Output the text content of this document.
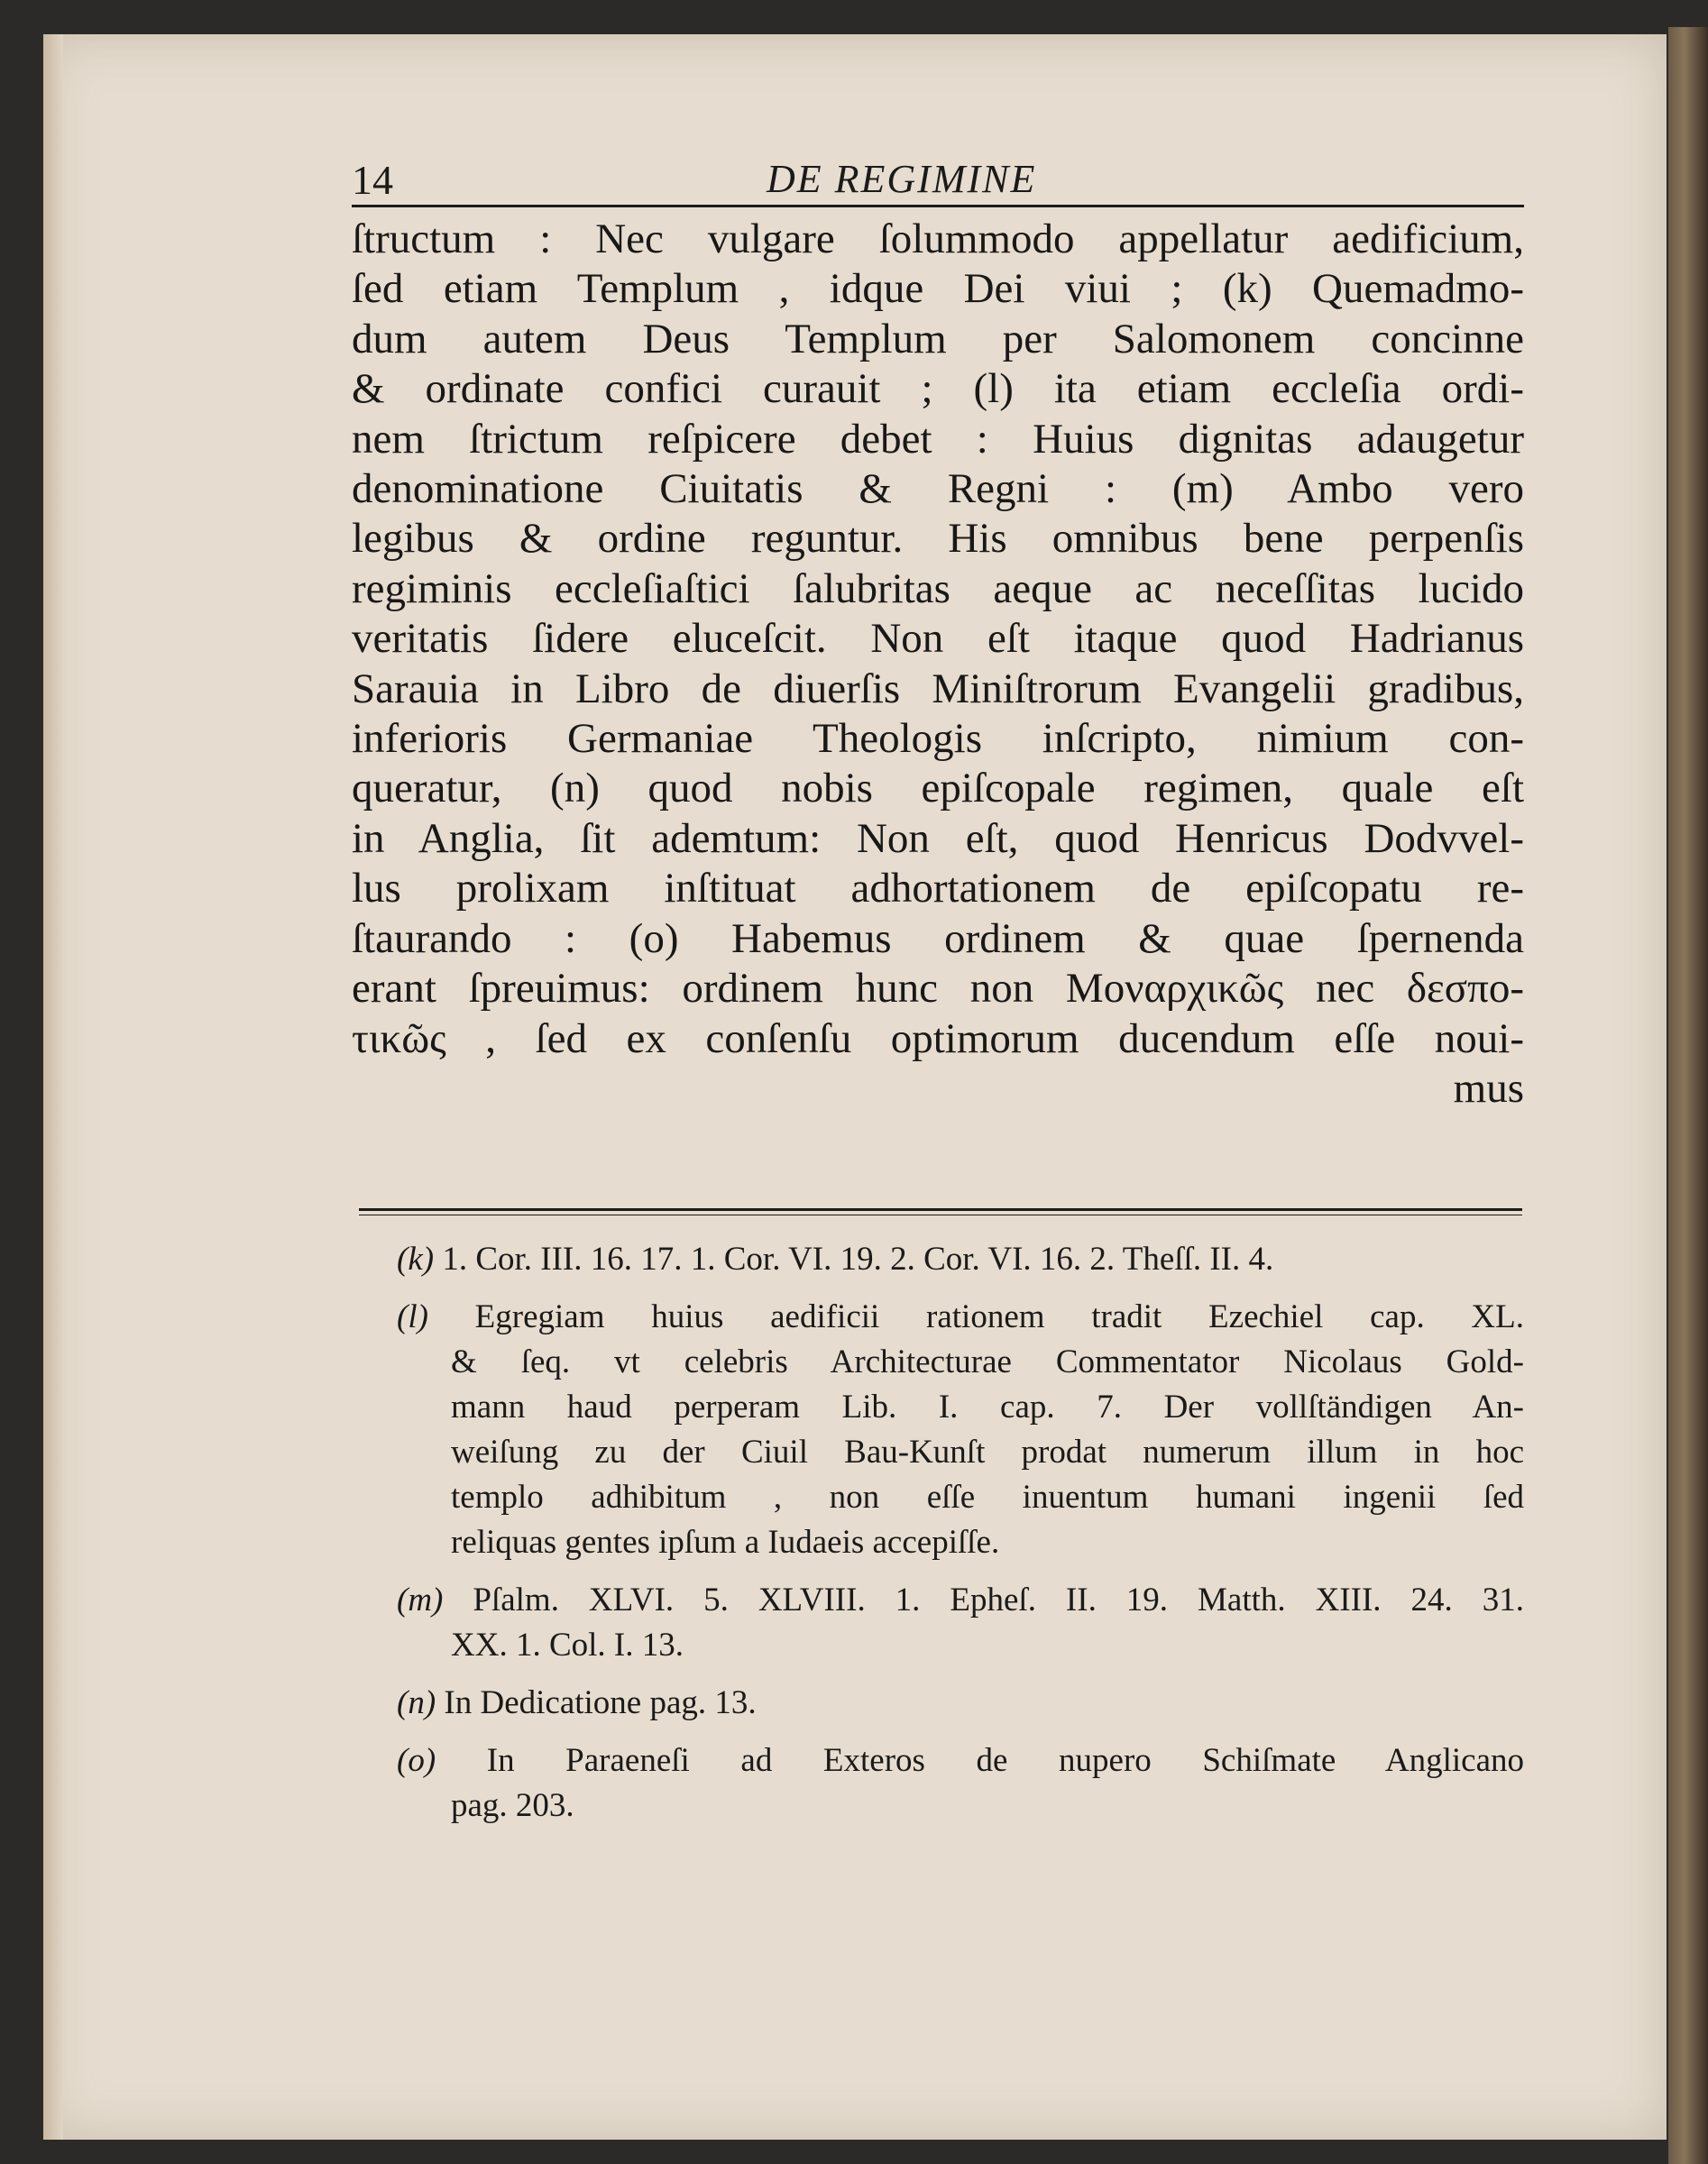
14	DE REGIMINE
ſtructum : Nec vulgare ſolummodo appellatur aedificium,
ſed etiam Templum , idque Dei viui ; (k) Quemadmo-
dum autem Deus Templum per Salomonem concinne
& ordinate confici curauit ; (l) ita etiam eccleſia ordi-
nem ſtrictum reſpicere debet : Huius dignitas adaugetur
denominatione Ciuitatis & Regni : (m) Ambo vero
legibus & ordine reguntur. His omnibus bene perpenſis
regiminis eccleſiaſtici ſalubritas aeque ac neceſſitas lucido
veritatis ſidere eluceſcit. Non eſt itaque quod Hadrianus
Sarauia in Libro de diuerſis Miniſtrorum Evangelii gradibus,
inferioris Germaniae Theologis inſcripto, nimium con-
queratur, (n) quod nobis epiſcopale regimen, quale eſt
in Anglia, ſit ademtum: Non eſt, quod Henricus Dodvvel-
lus prolixam inſtituat adhortationem de epiſcopatu re-
ſtaurando : (o) Habemus ordinem & quae ſpernenda
erant ſpreuimus: ordinem hunc non Μοναρχικῶς nec δεσπο-
τικῶς , ſed ex conſenſu optimorum ducendum eſſe noui-
mus
(k) 1. Cor. III. 16. 17. 1. Cor. VI. 19. 2. Cor. VI. 16. 2. Theſſ. II. 4.
(l) Egregiam huius aedificii rationem tradit Ezechiel cap. XL.
& ſeq. vt celebris Architecturae Commentator Nicolaus Gold-
mann haud perperam Lib. I. cap. 7. Der vollſtändigen An-
weiſung zu der Ciuil Bau-Kunſt prodat numerum illum in hoc
templo adhibitum , non eſſe inuentum humani ingenii ſed
reliquas gentes ipſum a Iudaeis accepiſſe.
(m) Pſalm. XLVI. 5. XLVIII. 1. Epheſ. II. 19. Matth. XIII. 24. 31.
XX. 1. Col. I. 13.
(n) In Dedicatione pag. 13.
(o) In Paraeneſi ad Exteros de nupero Schiſmate Anglicano
pag. 203.
